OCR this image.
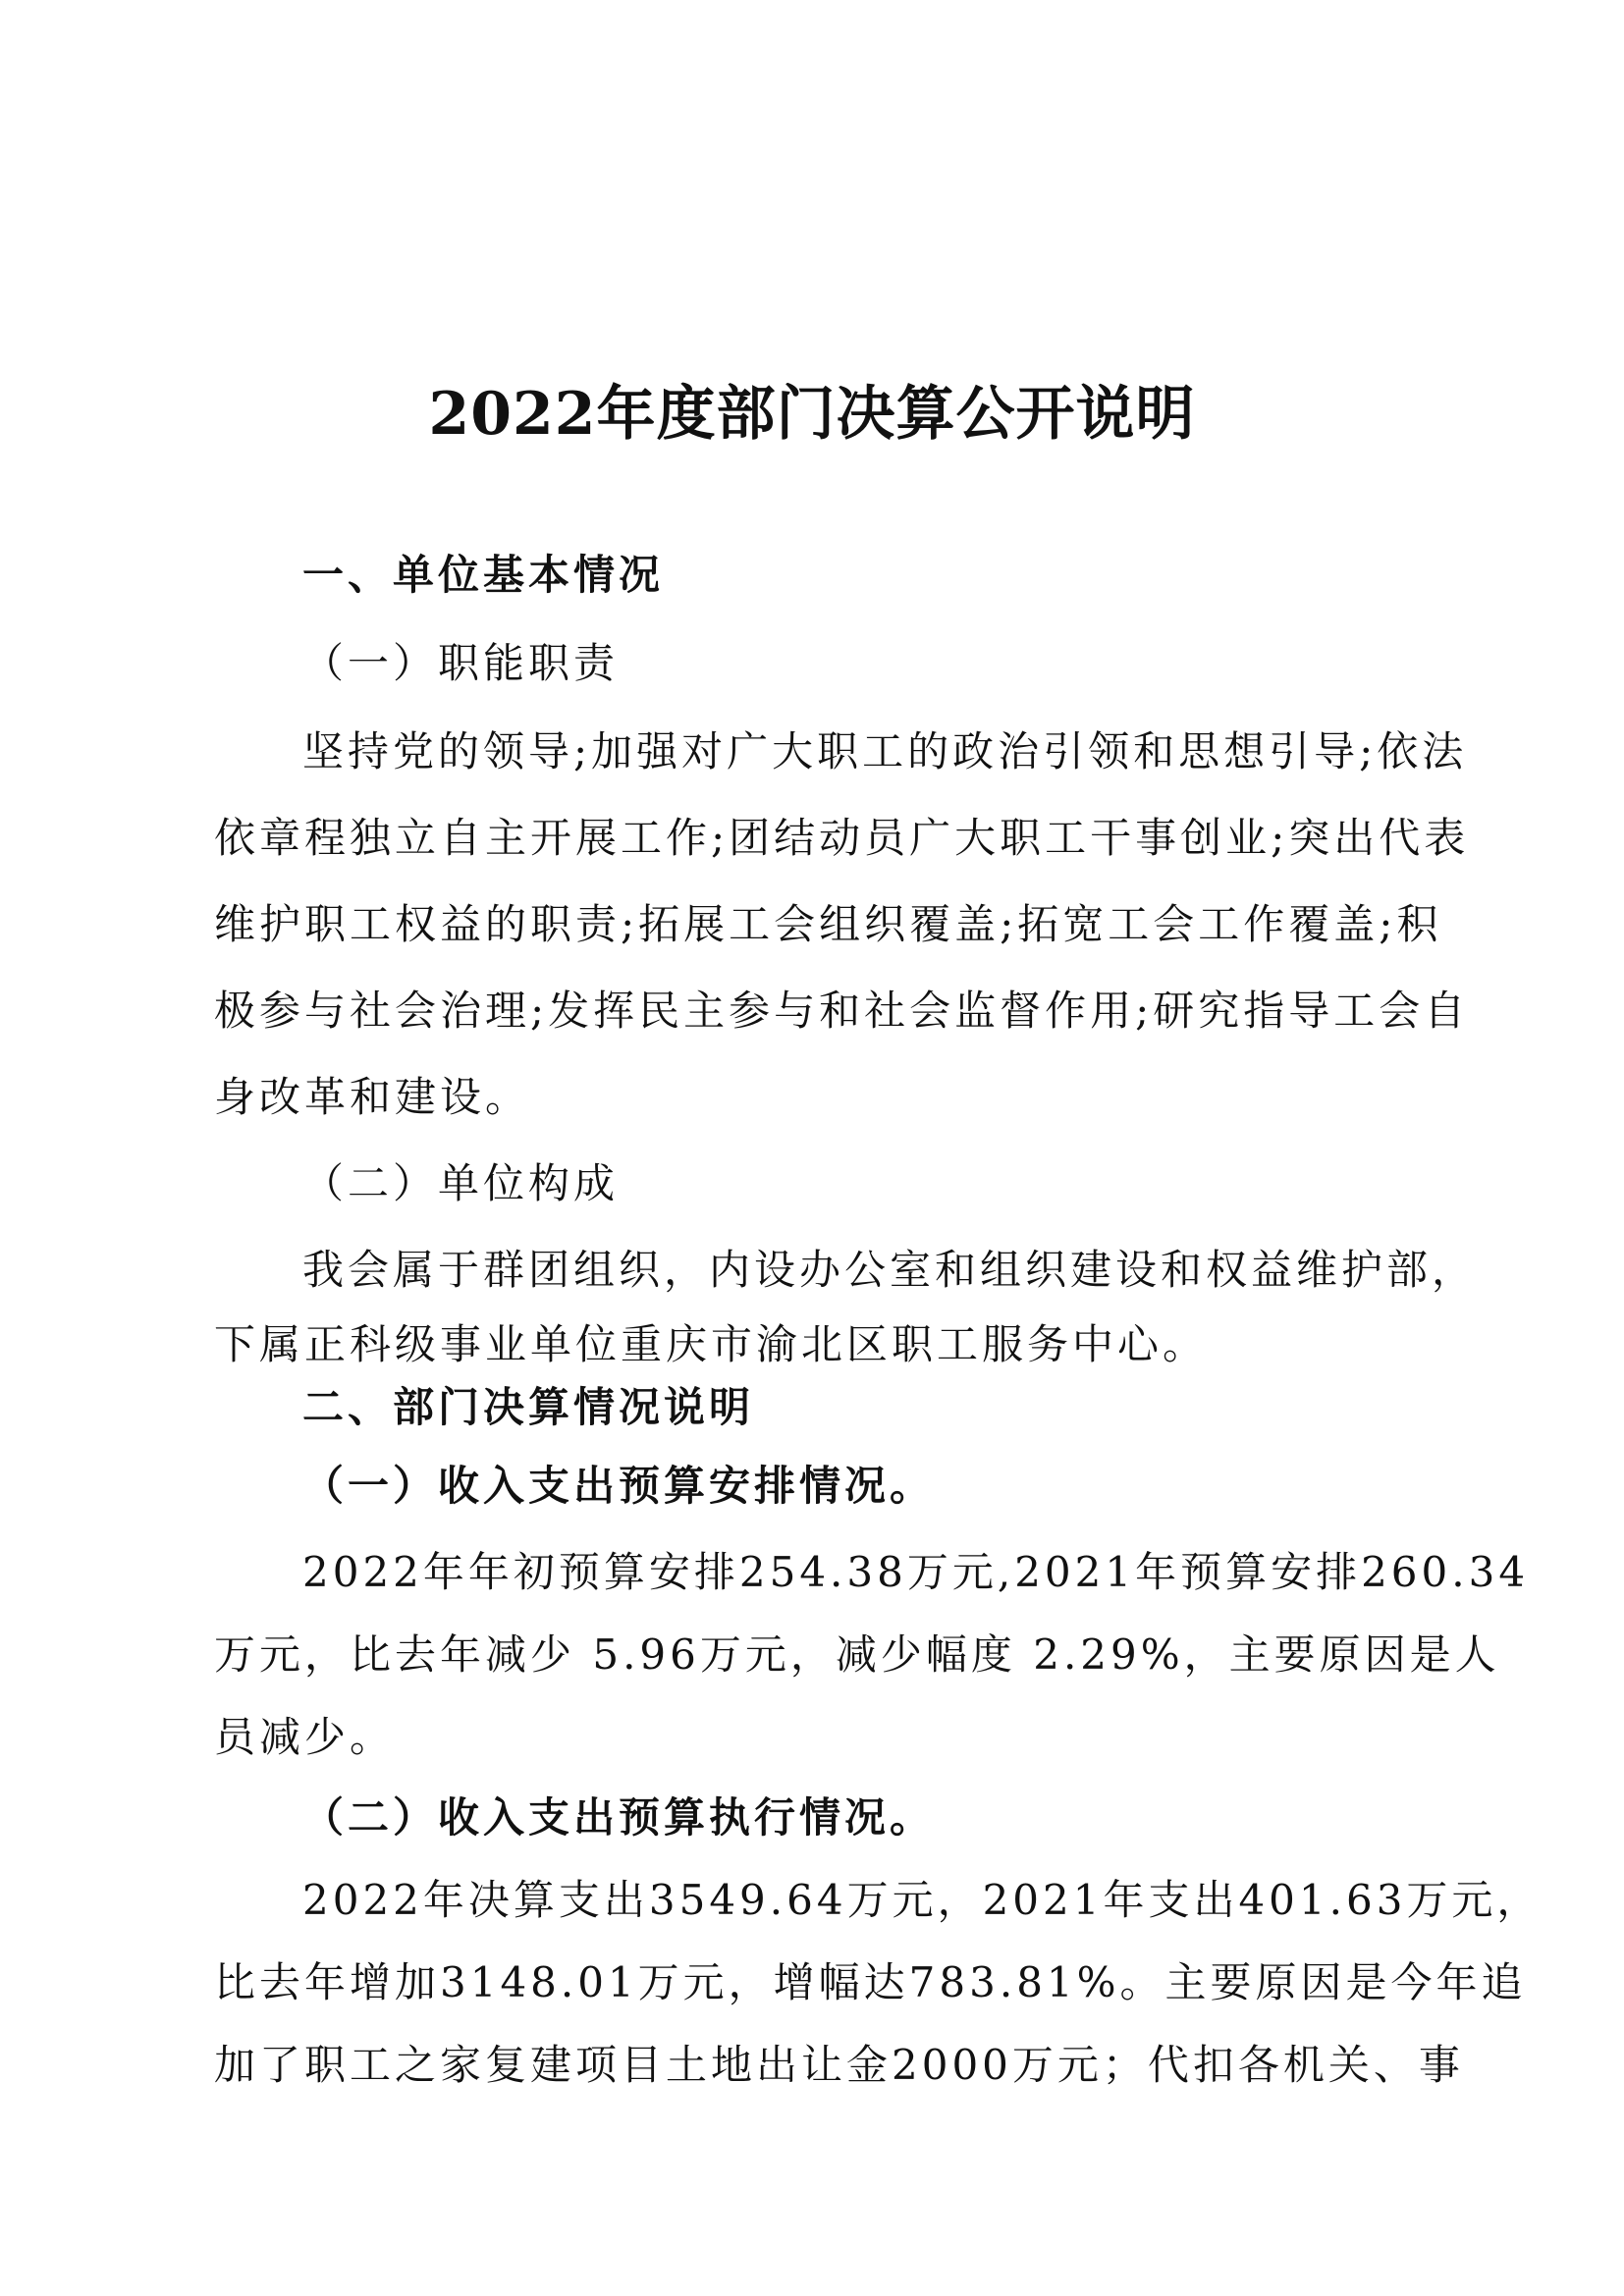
2022年度部门决算公开说明
一、单位基本情况
（一）职能职责
坚持党的领导;加强对广大职工的政治引领和思想引导;依法
依章程独立自主开展工作;团结动员广大职工干事创业;突出代表
维护职工权益的职责;拓展工会组织覆盖;拓宽工会工作覆盖;积
极参与社会治理;发挥民主参与和社会监督作用;研究指导工会自
身改革和建设。
（二）单位构成
我会属于群团组织，内设办公室和组织建设和权益维护部，
下属正科级事业单位重庆市渝北区职工服务中心。
二、部门决算情况说明
（一）收入支出预算安排情况。
2022年年初预算安排254.38万元,2021年预算安排260.34
万元，比去年减少 5.96万元，减少幅度 2.29%，主要原因是人
员减少。
（二）收入支出预算执行情况。
2022年决算支出3549.64万元，2021年支出401.63万元，
比去年增加3148.01万元，增幅达783.81%。主要原因是今年追
加了职工之家复建项目土地出让金2000万元；代扣各机关、事
